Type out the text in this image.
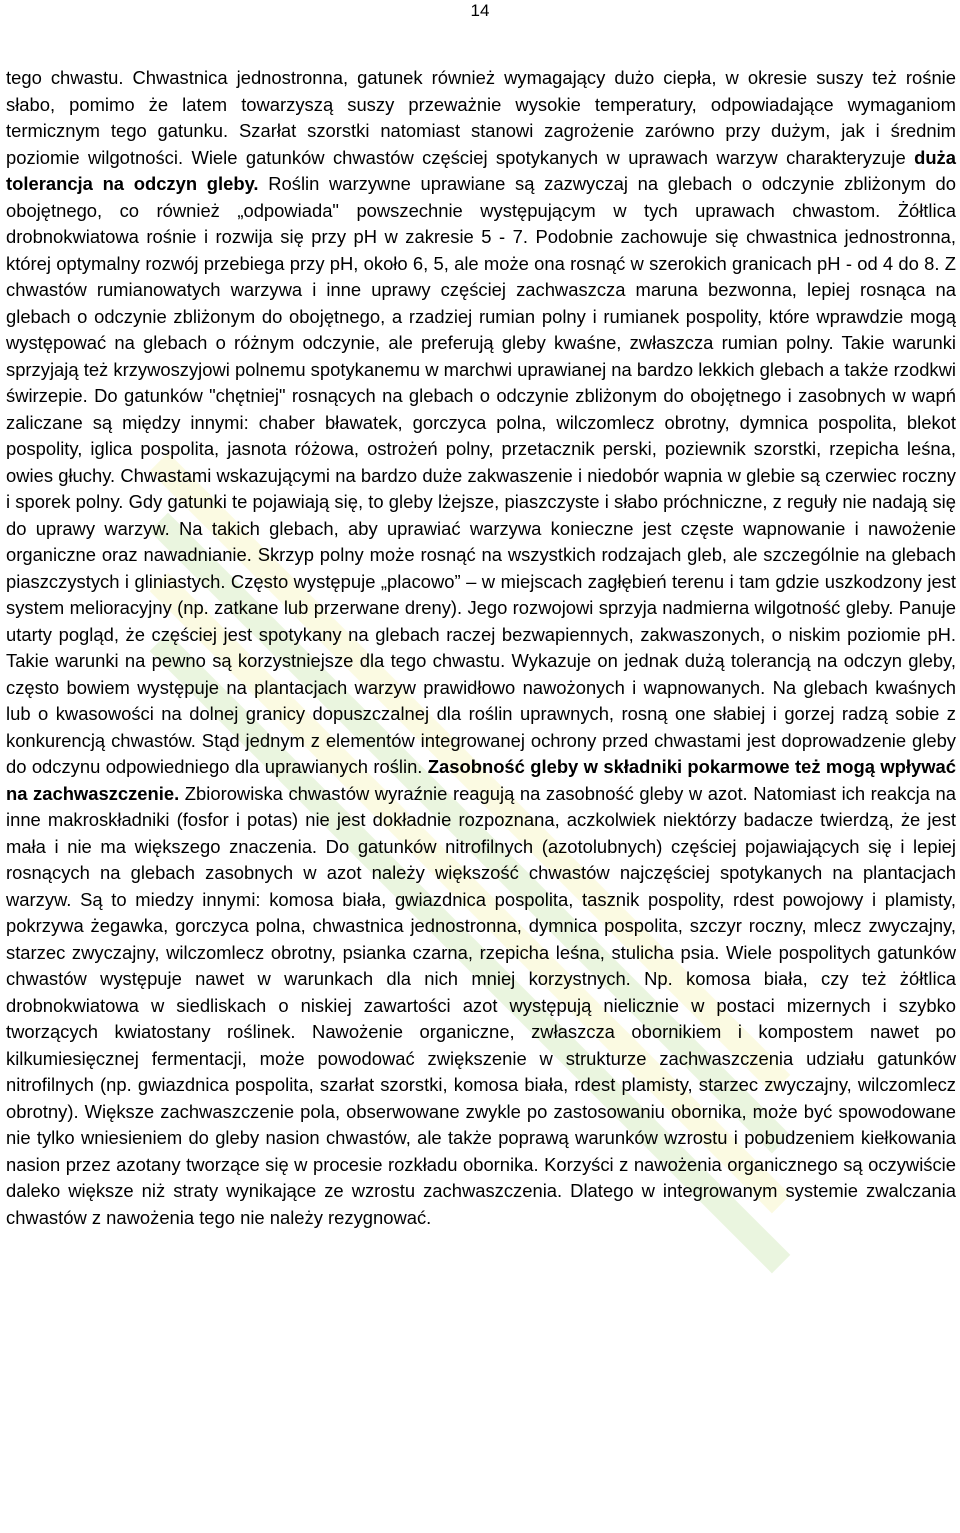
14

tego chwastu. Chwastnica jednostronna, gatunek również wymagający dużo ciepła, w okresie suszy też rośnie słabo, pomimo że latem towarzyszą suszy przeważnie wysokie temperatury, odpowiadające wymaganiom termicznym tego gatunku. Szarłat szorstki natomiast stanowi zagrożenie zarówno przy dużym, jak i średnim poziomie wilgotności. Wiele gatunków chwastów częściej spotykanych w uprawach warzyw charakteryzuje duża tolerancja na odczyn gleby. Roślin warzywne uprawiane są zazwyczaj na glebach o odczynie zbliżonym do obojętnego, co również „odpowiada" powszechnie występującym w tych uprawach chwastom. Żółtlica drobnokwiatowa rośnie i rozwija się przy pH w zakresie 5 - 7. Podobnie zachowuje się chwastnica jednostronna, której optymalny rozwój przebiega przy pH, około 6, 5, ale może ona rosnąć w szerokich granicach pH - od 4 do 8. Z chwastów rumianowatych warzywa i inne uprawy częściej zachwaszcza maruna bezwonna, lepiej rosnąca na glebach o odczynie zbliżonym do obojętnego, a rzadziej rumian polny i rumianek pospolity, które wprawdzie mogą występować na glebach o różnym odczynie, ale preferują gleby kwaśne, zwłaszcza rumian polny. Takie warunki sprzyjają też krzywoszyjowi polnemu spotykanemu w marchwi uprawianej na bardzo lekkich glebach a także rzodkwi świrzepie. Do gatunków "chętniej" rosnących na glebach o odczynie zbliżonym do obojętnego i zasobnych w wapń zaliczane są między innymi: chaber bławatek, gorczyca polna, wilczomlecz obrotny, dymnica pospolita, blekot pospolity, iglica pospolita, jasnota różowa, ostrożeń polny, przetacznik perski, poziewnik szorstki, rzepicha leśna, owies głuchy. Chwastami wskazującymi na bardzo duże zakwaszenie i niedobór wapnia w glebie są czerwiec roczny i sporek polny. Gdy gatunki te pojawiają się, to gleby lżejsze, piaszczyste i słabo próchniczne, z reguły nie nadają się do uprawy warzyw. Na takich glebach, aby uprawiać warzywa konieczne jest częste wapnowanie i nawożenie organiczne oraz nawadnianie. Skrzyp polny może rosnąć na wszystkich rodzajach gleb, ale szczególnie na glebach piaszczystych i gliniastych. Często występuje „placowo” – w miejscach zagłębień terenu i tam gdzie uszkodzony jest system melioracyjny (np. zatkane lub przerwane dreny). Jego rozwojowi sprzyja nadmierna wilgotność gleby. Panuje utarty pogląd, że częściej jest spotykany na glebach raczej bezwapiennych, zakwaszonych, o niskim poziomie pH. Takie warunki na pewno są korzystniejsze dla tego chwastu. Wykazuje on jednak dużą tolerancją na odczyn gleby, często bowiem występuje na plantacjach warzyw prawidłowo nawożonych i wapnowanych. Na glebach kwaśnych lub o kwasowości na dolnej granicy dopuszczalnej dla roślin uprawnych, rosną one słabiej i gorzej radzą sobie z konkurencją chwastów. Stąd jednym z elementów integrowanej ochrony przed chwastami jest doprowadzenie gleby do odczynu odpowiedniego dla uprawianych roślin. Zasobność gleby w składniki pokarmowe też mogą wpływać na zachwaszczenie. Zbiorowiska chwastów wyraźnie reagują na zasobność gleby w azot. Natomiast ich reakcja na inne makroskładniki (fosfor i potas) nie jest dokładnie rozpoznana, aczkolwiek niektórzy badacze twierdzą, że jest mała i nie ma większego znaczenia. Do gatunków nitrofilnych (azotolubnych) częściej pojawiających się i lepiej rosnących na glebach zasobnych w azot należy większość chwastów najczęściej spotykanych na plantacjach warzyw. Są to miedzy innymi: komosa biała, gwiazdnica pospolita, tasznik pospolity, rdest powojowy i plamisty, pokrzywa żegawka, gorczyca polna, chwastnica jednostronna, dymnica pospolita, szczyr roczny, mlecz zwyczajny, starzec zwyczajny, wilczomlecz obrotny, psianka czarna, rzepicha leśna, stulicha psia. Wiele pospolitych gatunków chwastów występuje nawet w warunkach dla nich mniej korzystnych. Np. komosa biała, czy też żółtlica drobnokwiatowa w siedliskach o niskiej zawartości azot występują nielicznie w postaci mizernych i szybko tworzących kwiatostany roślinek. Nawożenie organiczne, zwłaszcza obornikiem i kompostem nawet po kilkumiesięcznej fermentacji, może powodować zwiększenie w strukturze zachwaszczenia udziału gatunków nitrofilnych (np. gwiazdnica pospolita, szarłat szorstki, komosa biała, rdest plamisty, starzec zwyczajny, wilczomlecz obrotny). Większe zachwaszczenie pola, obserwowane zwykle po zastosowaniu obornika, może być spowodowane nie tylko wniesieniem do gleby nasion chwastów, ale także poprawą warunków wzrostu i pobudzeniem kiełkowania nasion przez azotany tworzące się w procesie rozkładu obornika. Korzyści z nawożenia organicznego są oczywiście daleko większe niż straty wynikające ze wzrostu zachwaszczenia. Dlatego w integrowanym systemie zwalczania chwastów z nawożenia tego nie należy rezygnować.
